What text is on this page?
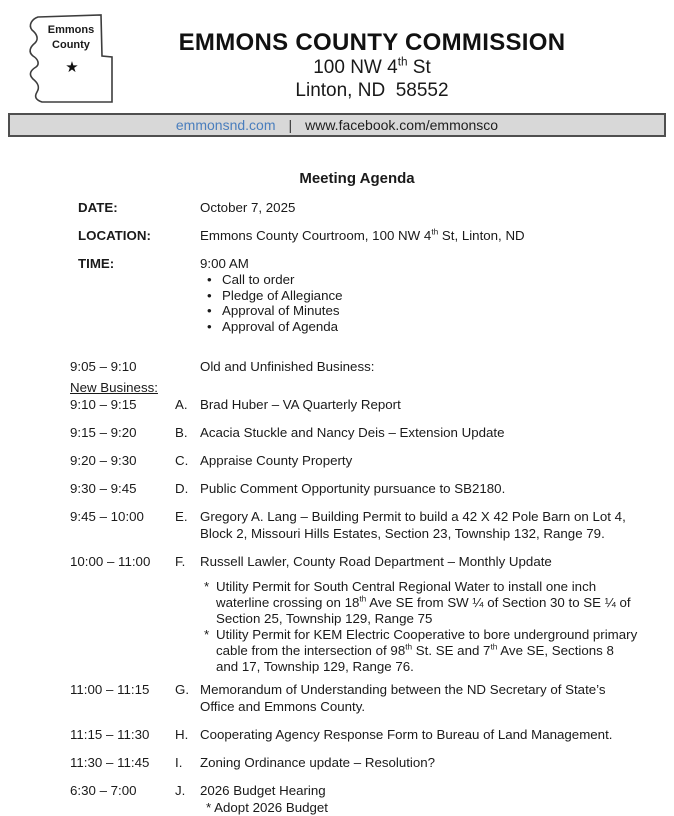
Emmons
County
★
EMMONS COUNTY COMMISSION
100 NW 4th St
Linton, ND  58552
emmonsnd.com | www.facebook.com/emmonsco
Meeting Agenda
DATE:	October 7, 2025
LOCATION:	Emmons County Courtroom, 100 NW 4th St, Linton, ND
TIME:	9:00 AM
• Call to order
• Pledge of Allegiance
• Approval of Minutes
• Approval of Agenda
9:05 – 9:10	Old and Unfinished Business:
New Business:
9:10 – 9:15	A. Brad Huber – VA Quarterly Report
9:15 – 9:20	B. Acacia Stuckle and Nancy Deis – Extension Update
9:20 – 9:30	C. Appraise County Property
9:30 – 9:45	D. Public Comment Opportunity pursuance to SB2180.
9:45 – 10:00	E. Gregory A. Lang – Building Permit to build a 42 X 42 Pole Barn on Lot 4,
Block 2, Missouri Hills Estates, Section 23, Township 132, Range 79.
10:00 – 11:00	F.	Russell Lawler, County Road Department – Monthly Update
* Utility Permit for South Central Regional Water to install one inch
waterline crossing on 18th Ave SE from SW ¼ of Section 30 to SE ¼ of
Section 25, Township 129, Range 75
* Utility Permit for KEM Electric Cooperative to bore underground primary
cable from the intersection of 98th St. SE and 7th Ave SE, Sections 8
and 17, Township 129, Range 76.
11:00 – 11:15	G. Memorandum of Understanding between the ND Secretary of State’s
Office and Emmons County.
11:15 – 11:30	H. Cooperating Agency Response Form to Bureau of Land Management.
11:30 – 11:45	I.	Zoning Ordinance update – Resolution?
6:30 – 7:00	J.	2026 Budget Hearing
* Adopt 2026 Budget
